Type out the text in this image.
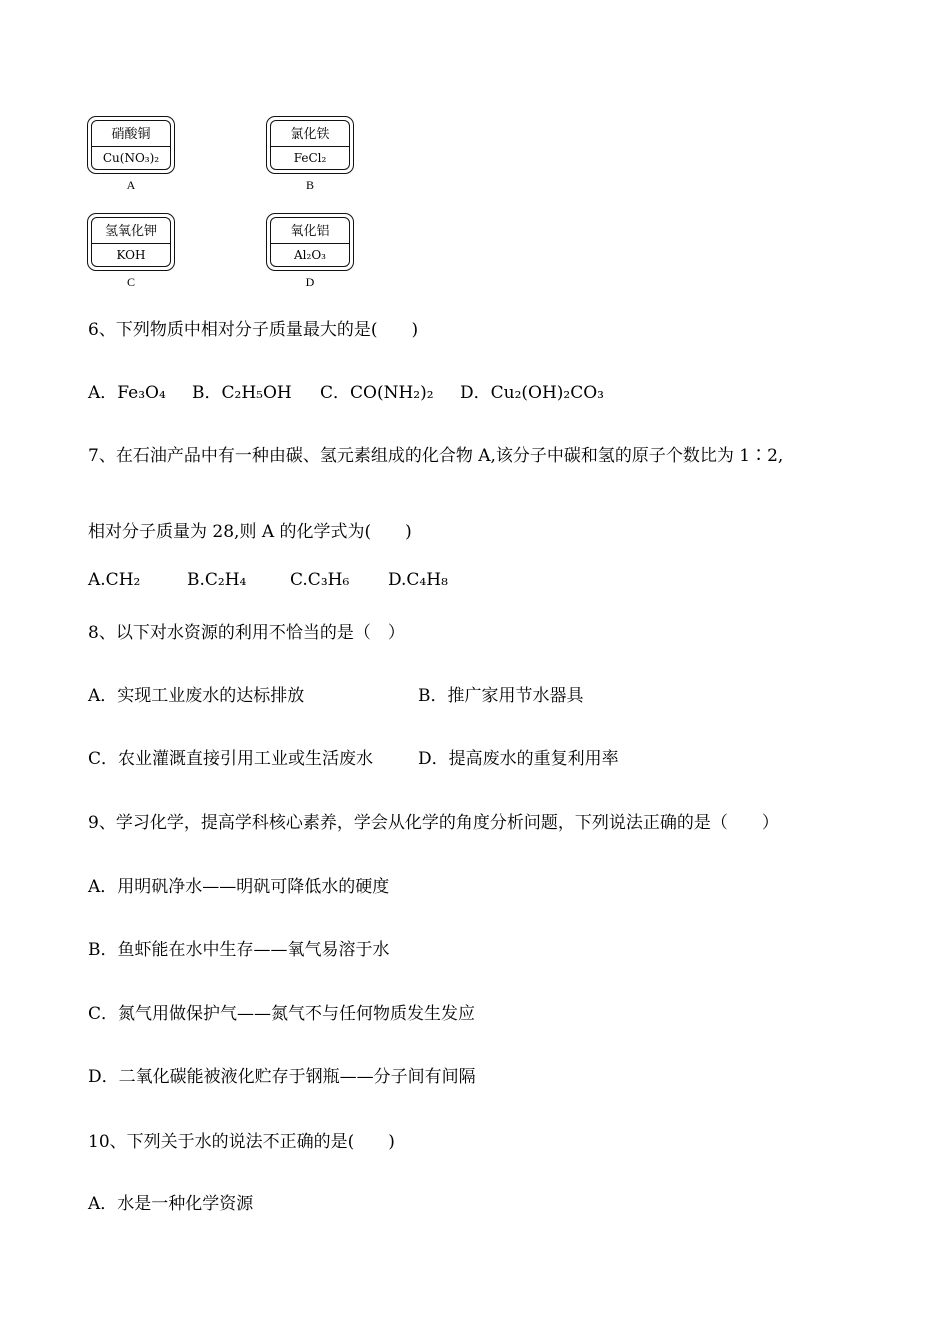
硝酸铜
Cu(NO₃)₂
A
氯化铁
FeCl₂
B
氢氧化钾
KOH
C
氧化铝
Al₂O₃
D
6、下列物质中相对分子质量最大的是(　　)
A．Fe₃O₄ B．C₂H₅OH C．CO(NH₂)₂ D．Cu₂(OH)₂CO₃
7、在石油产品中有一种由碳、氢元素组成的化合物 A,该分子中碳和氢的原子个数比为 1∶2,
相对分子质量为 28,则 A 的化学式为(　　)
A.CH₂	B.C₂H₄	C.C₃H₆ D.C₄H₈
8、以下对水资源的利用不恰当的是（　）
A．实现工业废水的达标排放	B．推广家用节水器具
C．农业灌溉直接引用工业或生活废水	D．提高废水的重复利用率
9、学习化学，提高学科核心素养，学会从化学的角度分析问题，下列说法正确的是（　　）
A．用明矾净水——明矾可降低水的硬度
B．鱼虾能在水中生存——氧气易溶于水
C．氮气用做保护气——氮气不与任何物质发生发应
D．二氧化碳能被液化贮存于钢瓶——分子间有间隔
10、下列关于水的说法不正确的是(　　)
A．水是一种化学资源
